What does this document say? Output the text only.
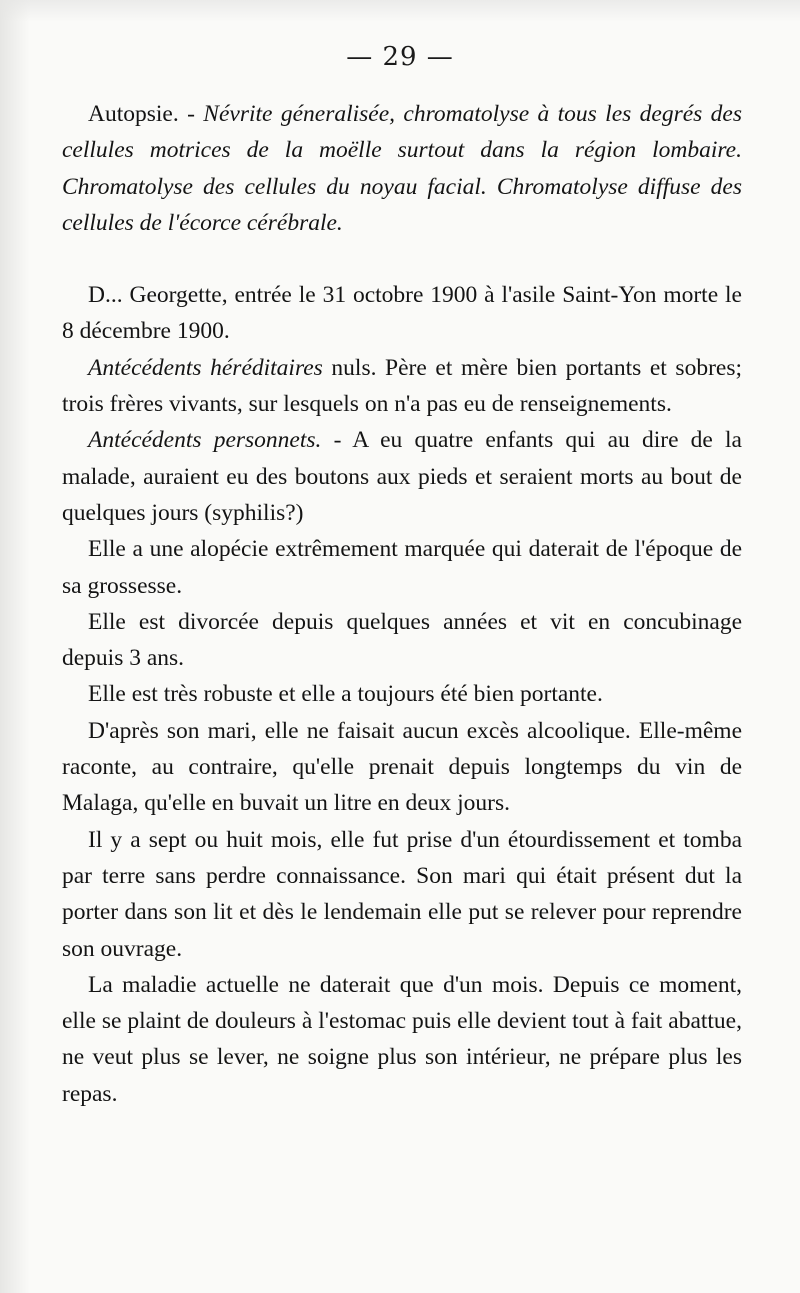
— 29 —

Autopsie. - Névrite géneralisée, chromatolyse à tous les degrés des cellules motrices de la moëlle surtout dans la région lombaire. Chromatolyse des cellules du noyau facial. Chromatolyse diffuse des cellules de l'écorce cérébrale.

D... Georgette, entrée le 31 octobre 1900 à l'asile Saint-Yon morte le 8 décembre 1900.

Antécédents héréditaires nuls. Père et mère bien portants et sobres; trois frères vivants, sur lesquels on n'a pas eu de renseignements.

Antécédents personnets. - A eu quatre enfants qui au dire de la malade, auraient eu des boutons aux pieds et seraient morts au bout de quelques jours (syphilis?)

Elle a une alopécie extrêmement marquée qui daterait de l'époque de sa grossesse.

Elle est divorcée depuis quelques années et vit en concubinage depuis 3 ans.

Elle est très robuste et elle a toujours été bien portante.

D'après son mari, elle ne faisait aucun excès alcoolique. Elle-même raconte, au contraire, qu'elle prenait depuis longtemps du vin de Malaga, qu'elle en buvait un litre en deux jours.

Il y a sept ou huit mois, elle fut prise d'un étourdissement et tomba par terre sans perdre connaissance. Son mari qui était présent dut la porter dans son lit et dès le lendemain elle put se relever pour reprendre son ouvrage.

La maladie actuelle ne daterait que d'un mois. Depuis ce moment, elle se plaint de douleurs à l'estomac puis elle devient tout à fait abattue, ne veut plus se lever, ne soigne plus son intérieur, ne prépare plus les repas.
